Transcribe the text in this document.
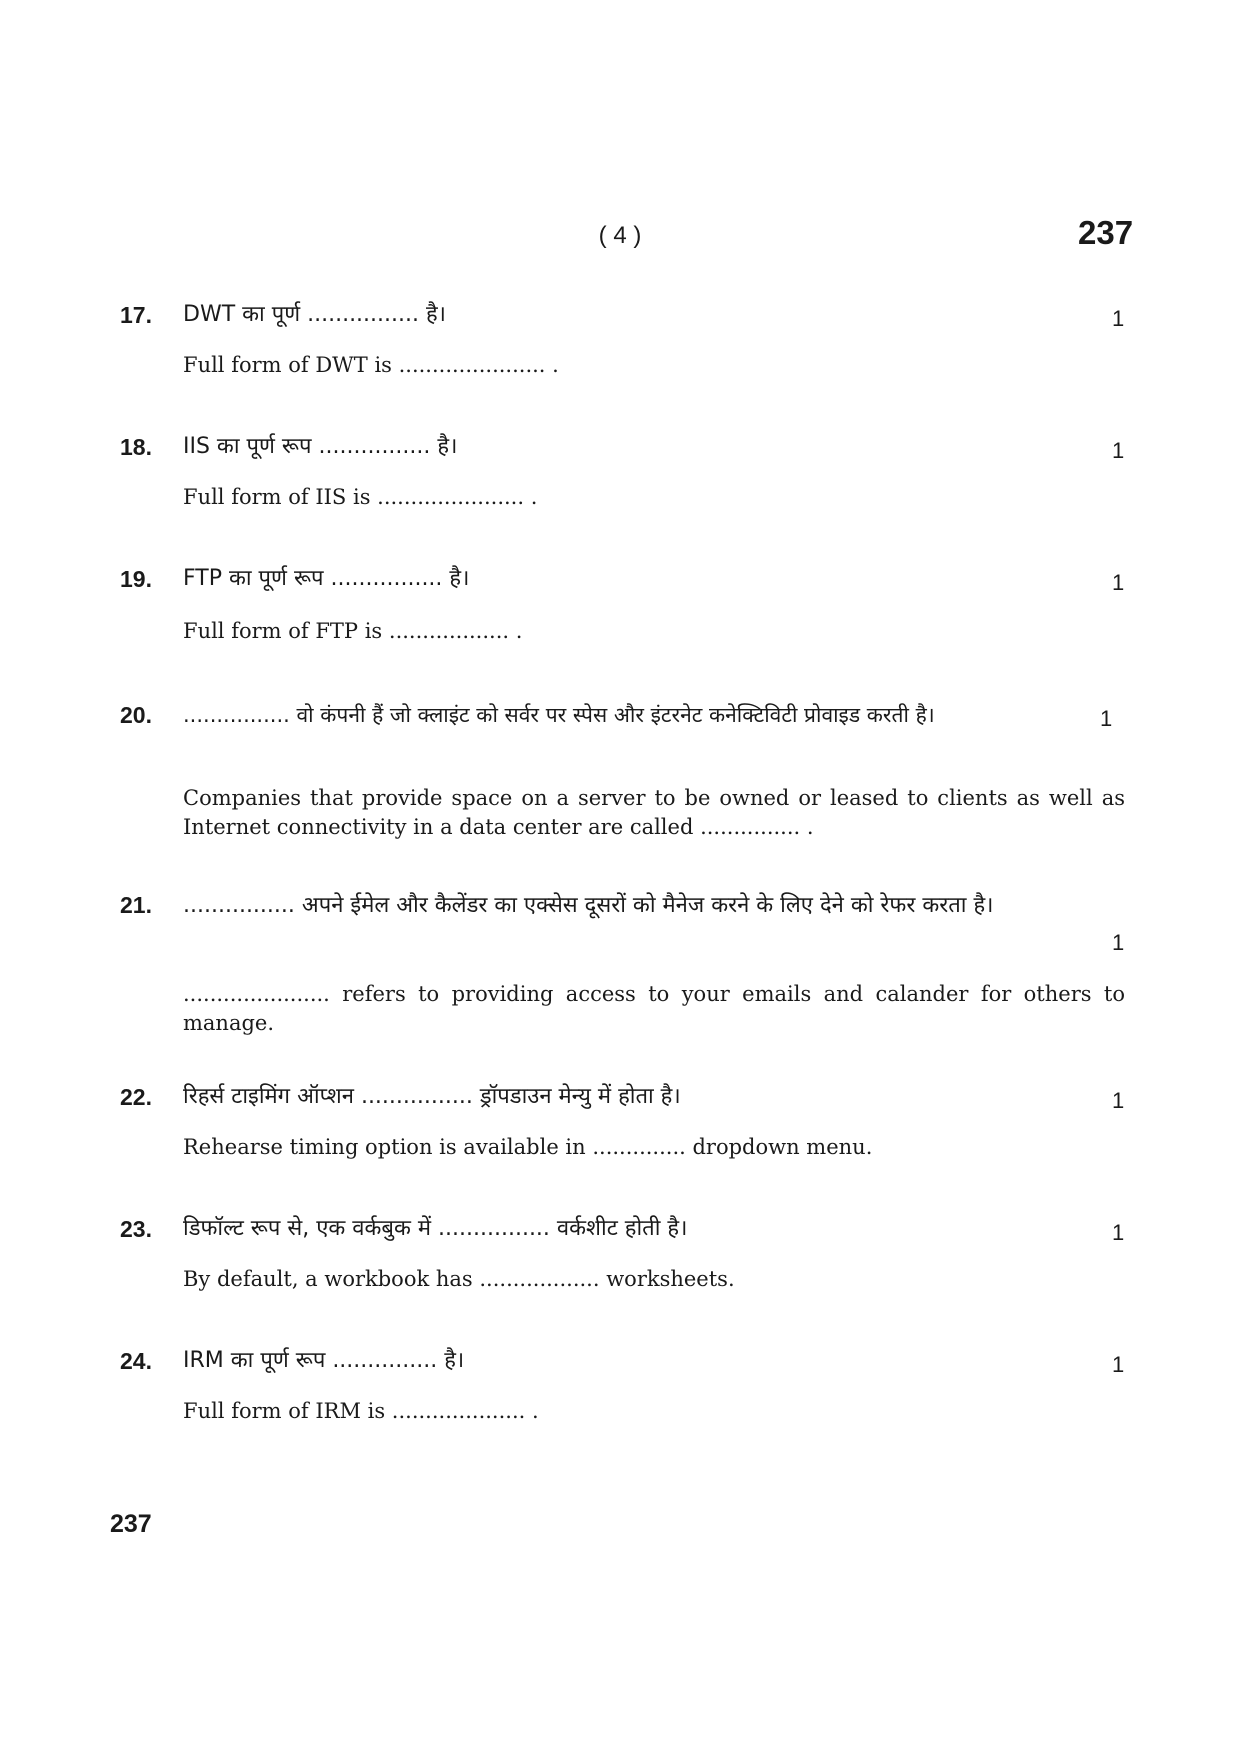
( 4 )	237
17. DWT का पूर्ण ................ है।	1
Full form of DWT is ...................... .
18. IIS का पूर्ण रूप ................ है।	1
Full form of IIS is ...................... .
19. FTP का पूर्ण रूप ................ है।	1
Full form of FTP is .................. .
20. ................ वो कंपनी हैं जो क्लाइंट को सर्वर पर स्पेस और इंटरनेट कनेक्टिविटी प्रोवाइड करती है।	1
Companies that provide space on a server to be owned or leased to clients as well as Internet connectivity in a data center are called ............... .
21. ................ अपने ईमेल और कैलेंडर का एक्सेस दूसरों को मैनेज करने के लिए देने को रेफर करता है।
1
...................... refers to providing access to your emails and calander for others to manage.
22. रिहर्स टाइमिंग ऑप्शन ................ ड्रॉपडाउन मेन्यु में होता है।	1
Rehearse timing option is available in .............. dropdown menu.
23. डिफॉल्ट रूप से, एक वर्कबुक में ................ वर्कशीट होती है।	1
By default, a workbook has .................. worksheets.
24. IRM का पूर्ण रूप ............... है।	1
Full form of IRM is .................... .
237
